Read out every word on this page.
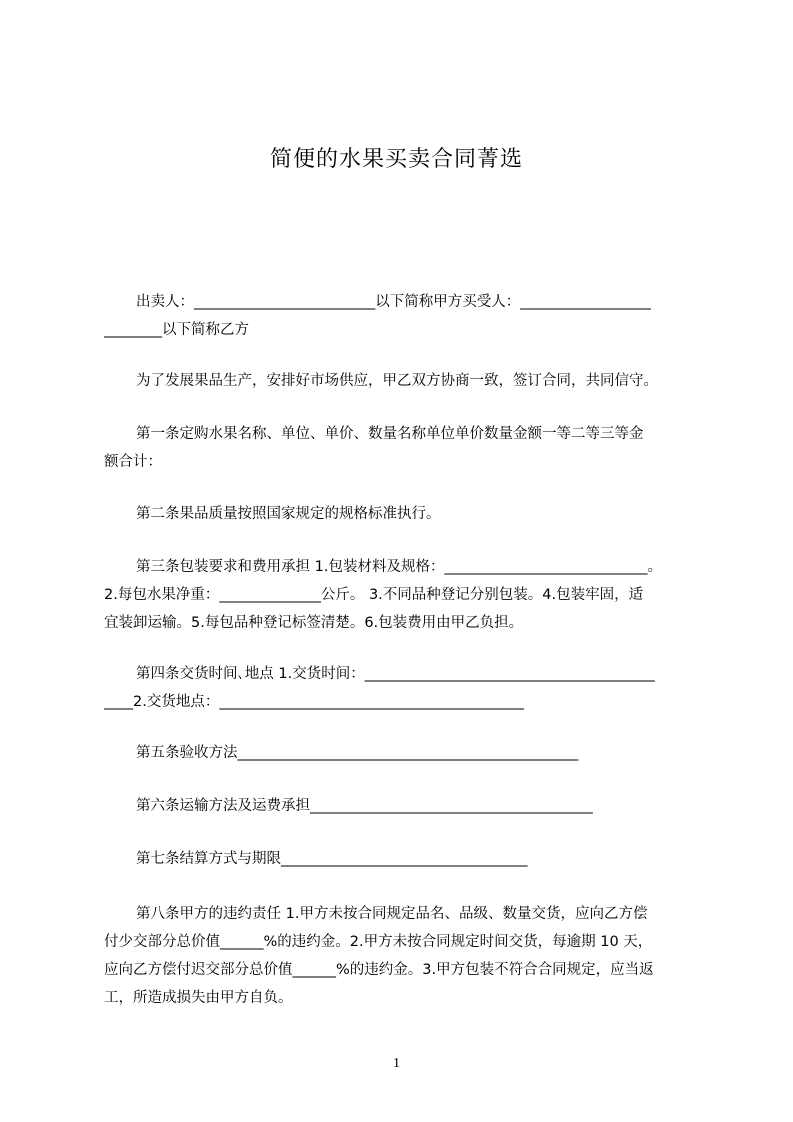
简便的水果买卖合同菁选
出卖人：_________________________以下简称甲方买受人：__________________
________以下简称乙方
为了发展果品生产，安排好市场供应，甲乙双方协商一致，签订合同，共同信守。
第一条定购水果名称、单位、单价、数量名称单位单价数量金额一等二等三等金
额合计：
第二条果品质量按照国家规定的规格标准执行。
第三条包装要求和费用承担 1.包装材料及规格：____________________________。
2.每包水果净重：______________公斤。 3.不同品种登记分别包装。4.包装牢固，适
宜装卸运输。5.每包品种登记标签清楚。6.包装费用由甲乙负担。
第四条交货时间､地点 1.交货时间：________________________________________
____2.交货地点：__________________________________________
第五条验收方法_______________________________________________
第六条运输方法及运费承担_______________________________________
第七条结算方式与期限__________________________________
第八条甲方的违约责任 1.甲方未按合同规定品名、品级、数量交货，应向乙方偿
付少交部分总价值______%的违约金。2.甲方未按合同规定时间交货，每逾期 10 天，
应向乙方偿付迟交部分总价值______%的违约金。3.甲方包装不符合合同规定，应当返
工，所造成损失由甲方自负。
1
